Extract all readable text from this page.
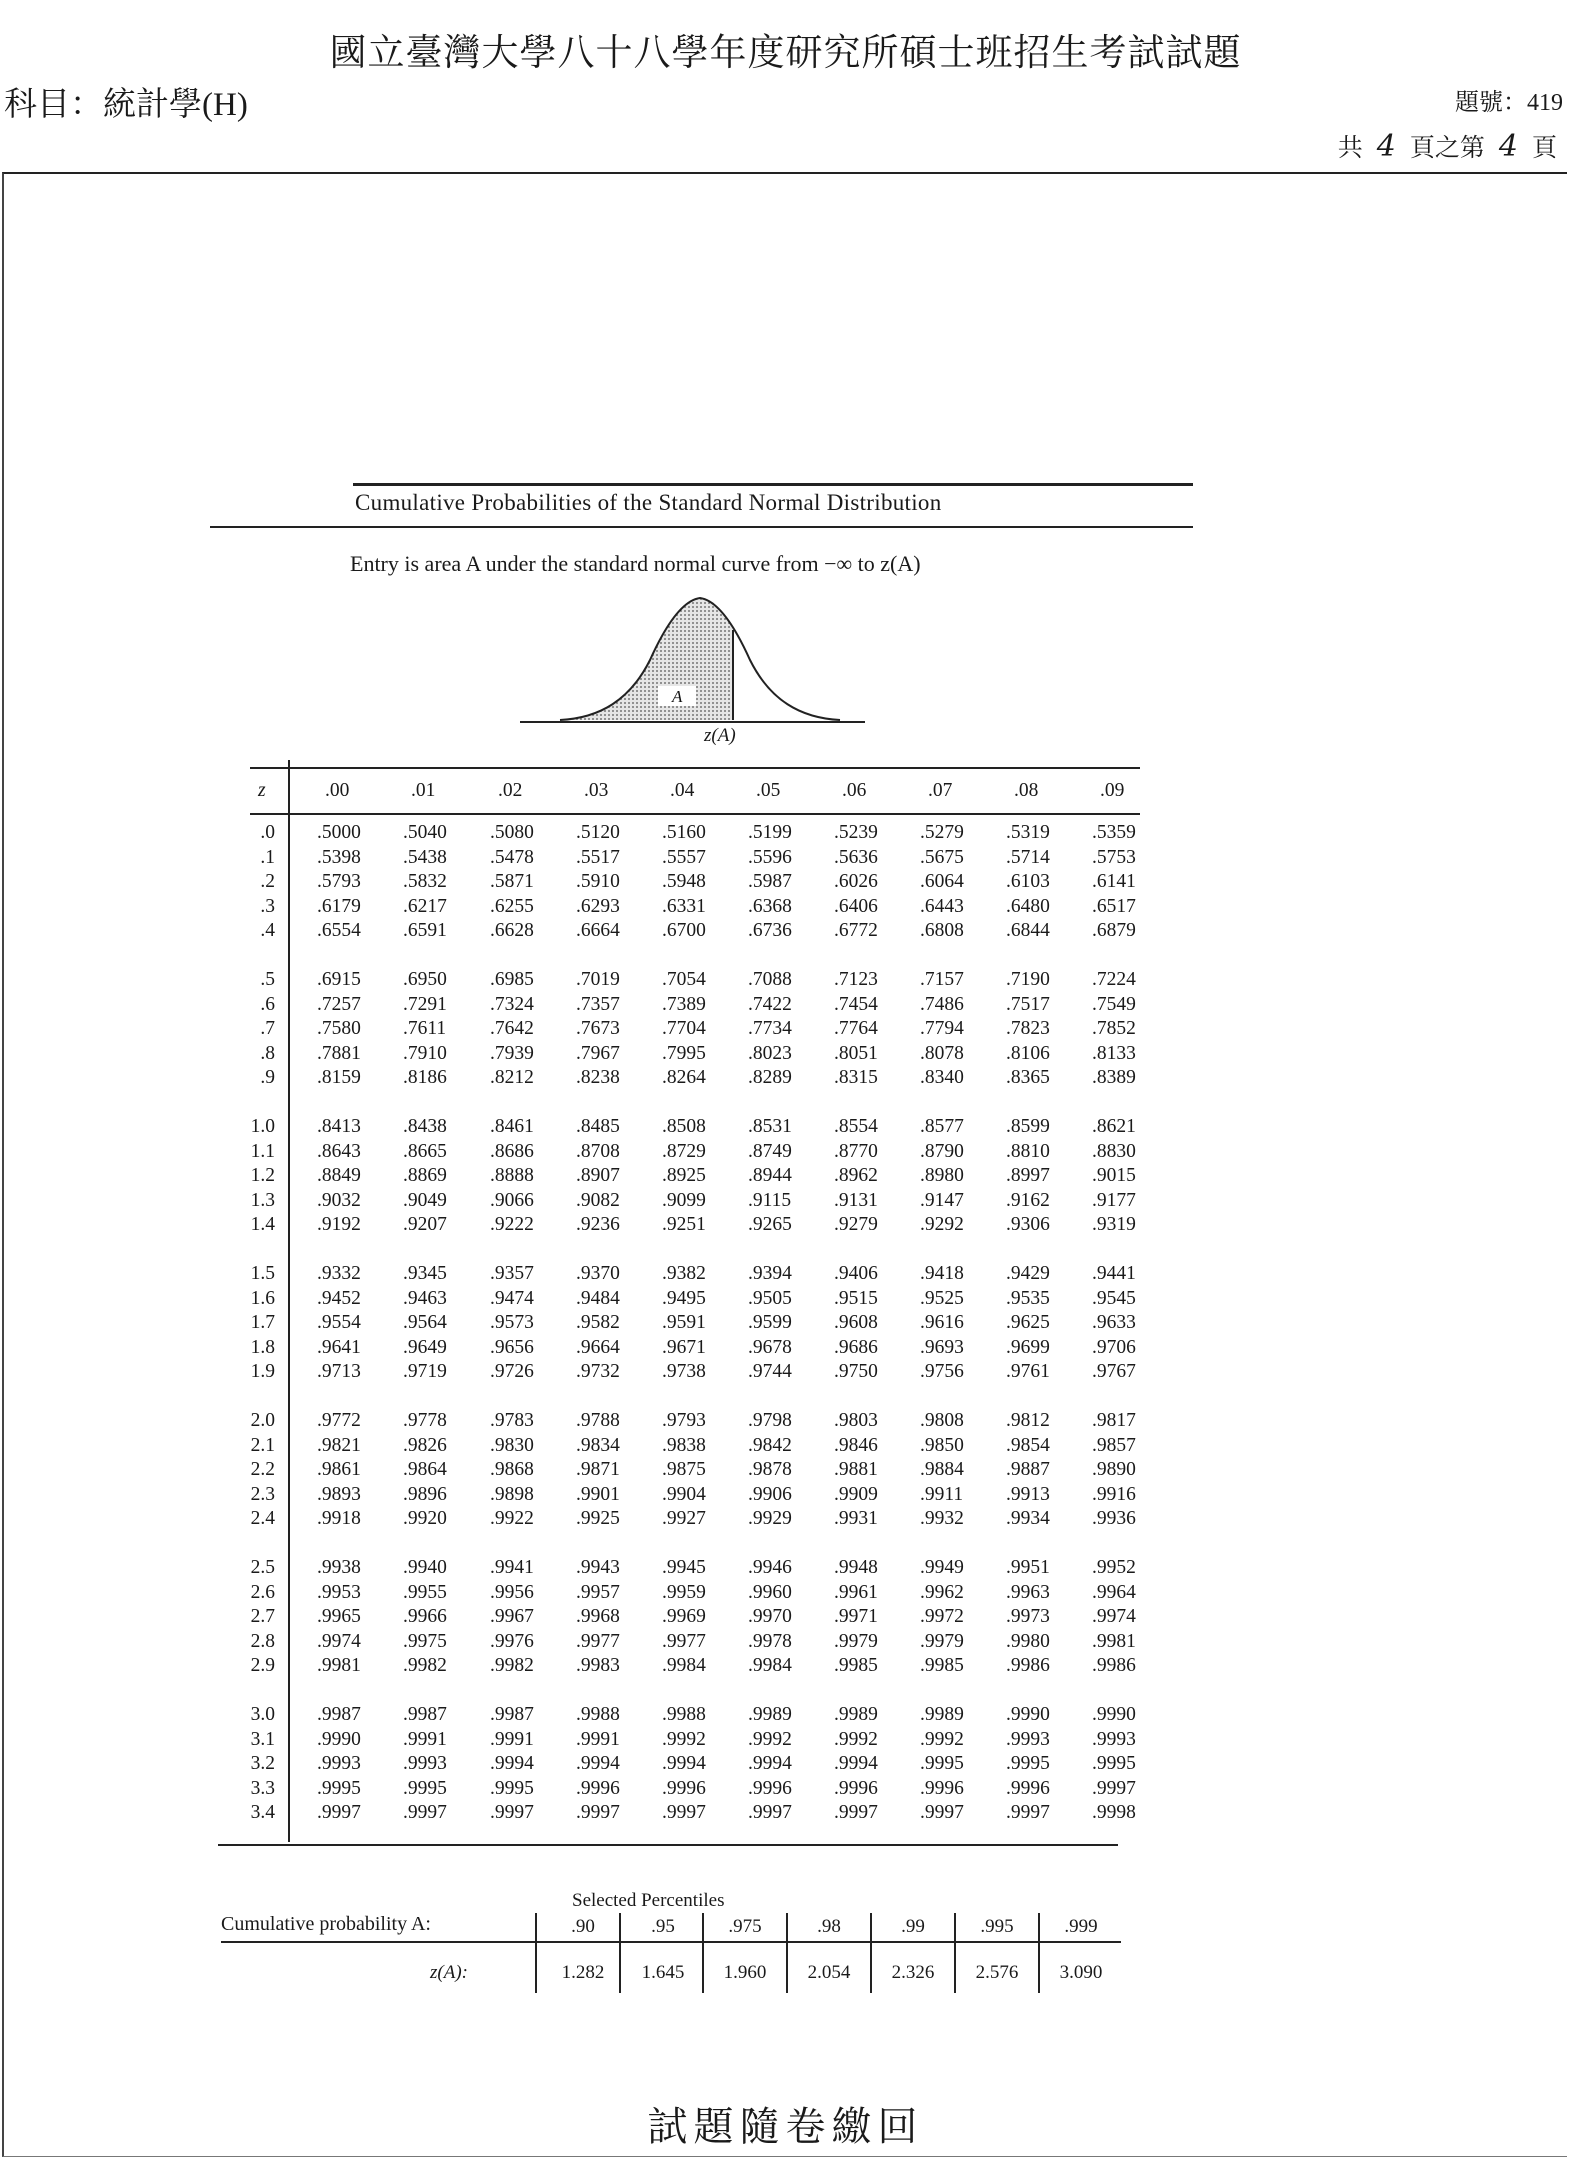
國立臺灣大學八十八學年度研究所碩士班招生考試試題
科目：統計學(H)	題號：419
共 4 頁之第 4 頁
Cumulative Probabilities of the Standard Normal Distribution
Entry is area A under the standard normal curve from −∞ to z(A)
A
z(A)
z	.00	.01	.02	.03	.04	.05	.06	.07	.08	.09
.0 .5000 .5040 .5080 .5120 .5160 .5199 .5239 .5279 .5319 .5359
.1 .5398 .5438 .5478 .5517 .5557 .5596 .5636 .5675 .5714 .5753
.2 .5793 .5832 .5871 .5910 .5948 .5987 .6026 .6064 .6103 .6141
.3 .6179 .6217 .6255 .6293 .6331 .6368 .6406 .6443 .6480 .6517
.4 .6554 .6591 .6628 .6664 .6700 .6736 .6772 .6808 .6844 .6879
.5 .6915 .6950 .6985 .7019 .7054 .7088 .7123 .7157 .7190 .7224
.6 .7257 .7291 .7324 .7357 .7389 .7422 .7454 .7486 .7517 .7549
.7 .7580 .7611 .7642 .7673 .7704 .7734 .7764 .7794 .7823 .7852
.8 .7881 .7910 .7939 .7967 .7995 .8023 .8051 .8078 .8106 .8133
.9 .8159 .8186 .8212 .8238 .8264 .8289 .8315 .8340 .8365 .8389
1.0 .8413 .8438 .8461 .8485 .8508 .8531 .8554 .8577 .8599 .8621
1.1 .8643 .8665 .8686 .8708 .8729 .8749 .8770 .8790 .8810 .8830
1.2 .8849 .8869 .8888 .8907 .8925 .8944 .8962 .8980 .8997 .9015
1.3 .9032 .9049 .9066 .9082 .9099 .9115 .9131 .9147 .9162 .9177
1.4 .9192 .9207 .9222 .9236 .9251 .9265 .9279 .9292 .9306 .9319
1.5 .9332 .9345 .9357 .9370 .9382 .9394 .9406 .9418 .9429 .9441
1.6 .9452 .9463 .9474 .9484 .9495 .9505 .9515 .9525 .9535 .9545
1.7 .9554 .9564 .9573 .9582 .9591 .9599 .9608 .9616 .9625 .9633
1.8 .9641 .9649 .9656 .9664 .9671 .9678 .9686 .9693 .9699 .9706
1.9 .9713 .9719 .9726 .9732 .9738 .9744 .9750 .9756 .9761 .9767
2.0 .9772 .9778 .9783 .9788 .9793 .9798 .9803 .9808 .9812 .9817
2.1 .9821 .9826 .9830 .9834 .9838 .9842 .9846 .9850 .9854 .9857
2.2 .9861 .9864 .9868 .9871 .9875 .9878 .9881 .9884 .9887 .9890
2.3 .9893 .9896 .9898 .9901 .9904 .9906 .9909 .9911 .9913 .9916
2.4 .9918 .9920 .9922 .9925 .9927 .9929 .9931 .9932 .9934 .9936
2.5 .9938 .9940 .9941 .9943 .9945 .9946 .9948 .9949 .9951 .9952
2.6 .9953 .9955 .9956 .9957 .9959 .9960 .9961 .9962 .9963 .9964
2.7 .9965 .9966 .9967 .9968 .9969 .9970 .9971 .9972 .9973 .9974
2.8 .9974 .9975 .9976 .9977 .9977 .9978 .9979 .9979 .9980 .9981
2.9 .9981 .9982 .9982 .9983 .9984 .9984 .9985 .9985 .9986 .9986
3.0 .9987 .9987 .9987 .9988 .9988 .9989 .9989 .9989 .9990 .9990
3.1 .9990 .9991 .9991 .9991 .9992 .9992 .9992 .9992 .9993 .9993
3.2 .9993 .9993 .9994 .9994 .9994 .9994 .9994 .9995 .9995 .9995
3.3 .9995 .9995 .9995 .9996 .9996 .9996 .9996 .9996 .9996 .9997
3.4 .9997 .9997 .9997 .9997 .9997 .9997 .9997 .9997 .9997 .9998
Selected Percentiles
Cumulative probability A:
z(A):
.90	.95	.975	.98	.99	.995	.999
1.282	1.645	1.960	2.054	2.326	2.576	3.090
試題隨卷繳回
